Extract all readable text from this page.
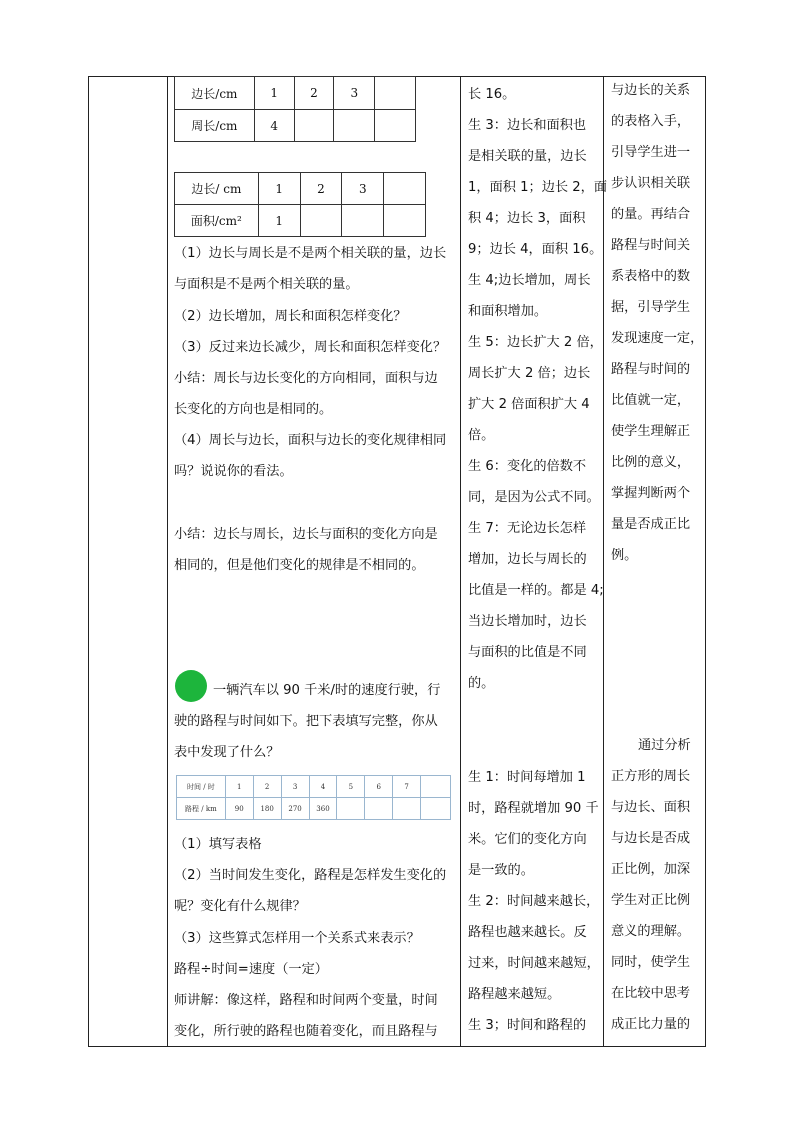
边长/cm	1	2	3	
周长/cm	4			
边长/ cm	1	2	3	
面积/cm²	1			
（1）边长与周长是不是两个相关联的量，边长
与面积是不是两个相关联的量。
（2）边长增加，周长和面积怎样变化？
（3）反过来边长减少，周长和面积怎样变化？
小结：周长与边长变化的方向相同，面积与边
长变化的方向也是相同的。
（4）周长与边长，面积与边长的变化规律相同
吗？说说你的看法。
小结：边长与周长，边长与面积的变化方向是
相同的，但是他们变化的规律是不相同的。
一辆汽车以 90 千米/时的速度行驶，行
驶的路程与时间如下。把下表填写完整，你从
表中发现了什么？
时间 / 时	1	2	3	4	5	6	7	
路程 / km	90	180	270	360				
（1）填写表格
（2）当时间发生变化，路程是怎样发生变化的
呢？变化有什么规律？
（3）这些算式怎样用一个关系式来表示？
路程÷时间=速度（一定）
师讲解：像这样，路程和时间两个变量，时间
变化，所行驶的路程也随着变化，而且路程与
长 16。
生 3：边长和面积也
是相关联的量，边长
1，面积 1；边长 2，面
积 4；边长 3，面积
9；边长 4，面积 16。
生 4;边长增加，周长
和面积增加。
生 5：边长扩大 2 倍，
周长扩大 2 倍；边长
扩大 2 倍面积扩大 4
倍。
生 6：变化的倍数不
同，是因为公式不同。
生 7：无论边长怎样
增加，边长与周长的
比值是一样的。都是 4;
当边长增加时，边长
与面积的比值是不同
的。
生 1：时间每增加 1
时，路程就增加 90 千
米。它们的变化方向
是一致的。
生 2：时间越来越长，
路程也越来越长。反
过来，时间越来越短，
路程越来越短。
生 3；时间和路程的
与边长的关系
的表格入手，
引导学生进一
步认识相关联
的量。再结合
路程与时间关
系表格中的数
据，引导学生
发现速度一定，
路程与时间的
比值就一定，
使学生理解正
比例的意义，
掌握判断两个
量是否成正比
例。
通过分析
正方形的周长
与边长、面积
与边长是否成
正比例，加深
学生对正比例
意义的理解。
同时，使学生
在比较中思考
成正比力量的
